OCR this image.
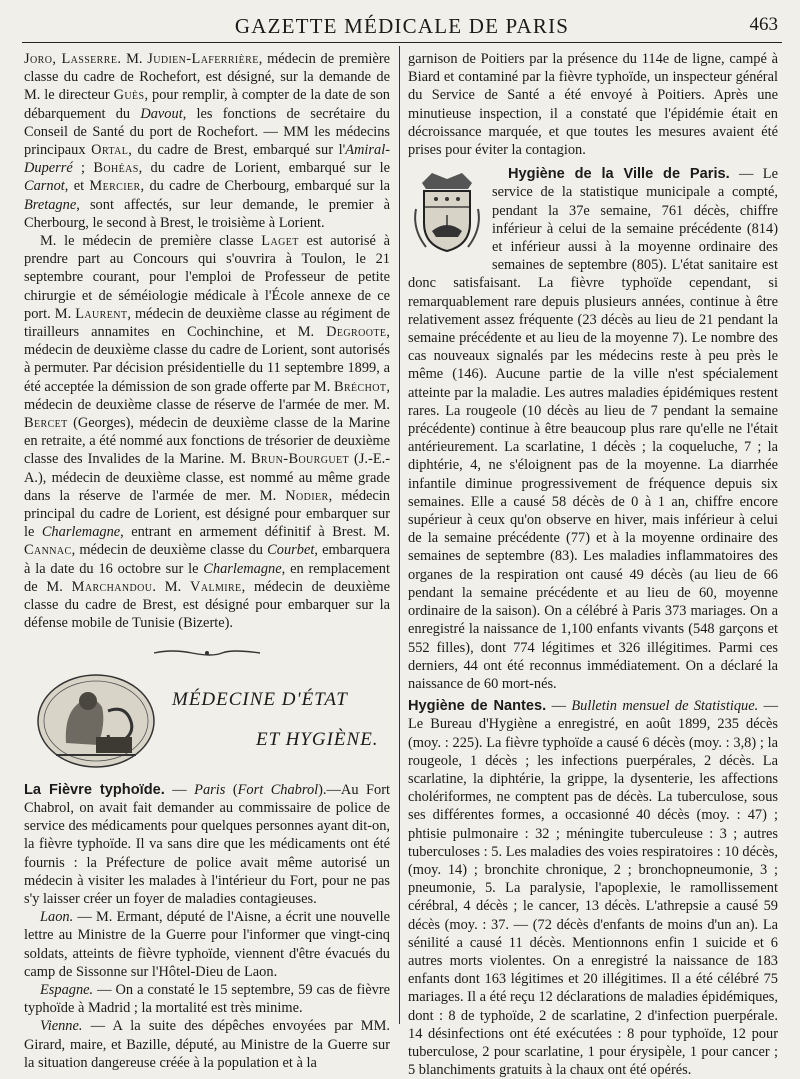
GAZETTE MÉDICALE DE PARIS	463

Joro, Lasserre. M. Judien-Laferrière, médecin de première classe du cadre de Rochefort, est désigné, sur la demande de M. le directeur Guès, pour remplir, à compter de la date de son débarquement du Davout, les fonctions de secrétaire du Conseil de Santé du port de Rochefort. — MM les médecins principaux Ortal, du cadre de Brest, embarqué sur l'Amiral-Duperré ; Bohéas, du cadre de Lorient, embarqué sur le Carnot, et Mercier, du cadre de Cherbourg, embarqué sur la Bretagne, sont affectés, sur leur demande, le premier à Cherbourg, le second à Brest, le troisième à Lorient.

M. le médecin de première classe Laget est autorisé à prendre part au Concours qui s'ouvrira à Toulon, le 21 septembre courant, pour l'emploi de Professeur de petite chirurgie et de séméiologie médicale à l'École annexe de ce port. M. Laurent, médecin de deuxième classe au régiment de tirailleurs annamites en Cochinchine, et M. Degroote, médecin de deuxième classe du cadre de Lorient, sont autorisés à permuter. Par décision présidentielle du 11 septembre 1899, a été acceptée la démission de son grade offerte par M. Bréchot, médecin de deuxième classe de réserve de l'armée de mer. M. Bercet (Georges), médecin de deuxième classe de la Marine en retraite, a été nommé aux fonctions de trésorier de deuxième classe des Invalides de la Marine. M. Brun-Bourguet (J.-E.-A.), médecin de deuxième classe, est nommé au même grade dans la réserve de l'armée de mer. M. Nodier, médecin principal du cadre de Lorient, est désigné pour embarquer sur le Charlemagne, entrant en armement définitif à Brest. M. Cannac, médecin de deuxième classe du Courbet, embarquera à la date du 16 octobre sur le Charlemagne, en remplacement de M. Marchandou. M. Valmire, médecin de deuxième classe du cadre de Brest, est désigné pour embarquer sur la défense mobile de Tunisie (Bizerte).

MÉDECINE D'ÉTAT
ET HYGIÈNE.

La Fièvre typhoïde. — Paris (Fort Chabrol).—Au Fort Chabrol, on avait fait demander au commissaire de police de service des médicaments pour quelques personnes ayant dit-on, la fièvre typhoïde. Il va sans dire que les médicaments ont été fournis : la Préfecture de police avait même autorisé un médecin à visiter les malades à l'intérieur du Fort, pour ne pas s'y laisser créer un foyer de maladies contagieuses.

Laon. — M. Ermant, député de l'Aisne, a écrit une nouvelle lettre au Ministre de la Guerre pour l'informer que vingt-cinq soldats, atteints de fièvre typhoïde, viennent d'être évacués du camp de Sissonne sur l'Hôtel-Dieu de Laon.

Espagne. — On a constaté le 15 septembre, 59 cas de fièvre typhoïde à Madrid ; la mortalité est très minime.

Vienne. — A la suite des dépêches envoyées par MM. Girard, maire, et Bazille, député, au Ministre de la Guerre sur la situation dangereuse créée à la population et à la

garnison de Poitiers par la présence du 114e de ligne, campé à Biard et contaminé par la fièvre typhoïde, un inspecteur général du Service de Santé a été envoyé à Poitiers. Après une minutieuse inspection, il a constaté que l'épidémie était en décroissance marquée, et que toutes les mesures avaient été prises pour éviter la contagion.

Hygiène de la Ville de Paris. — Le service de la statistique municipale a compté, pendant la 37e semaine, 761 décès, chiffre inférieur à celui de la semaine précédente (814) et inférieur aussi à la moyenne ordinaire des semaines de septembre (805). L'état sanitaire est donc satisfaisant. La fièvre typhoïde cependant, si remarquablement rare depuis plusieurs années, continue à être relativement assez fréquente (23 décès au lieu de 21 pendant la semaine précédente et au lieu de la moyenne 7). Le nombre des cas nouveaux signalés par les médecins reste à peu près le même (146). Aucune partie de la ville n'est spécialement atteinte par la maladie. Les autres maladies épidémiques restent rares. La rougeole (10 décès au lieu de 7 pendant la semaine précédente) continue à être beaucoup plus rare qu'elle ne l'était antérieurement. La scarlatine, 1 décès ; la coqueluche, 7 ; la diphtérie, 4, ne s'éloignent pas de la moyenne. La diarrhée infantile diminue progressivement de fréquence depuis six semaines. Elle a causé 58 décès de 0 à 1 an, chiffre encore supérieur à ceux qu'on observe en hiver, mais inférieur à celui de la semaine précédente (77) et à la moyenne ordinaire des semaines de septembre (83). Les maladies inflammatoires des organes de la respiration ont causé 49 décès (au lieu de 66 pendant la semaine précédente et au lieu de 60, moyenne ordinaire de la saison). On a célébré à Paris 373 mariages. On a enregistré la naissance de 1,100 enfants vivants (548 garçons et 552 filles), dont 774 légitimes et 326 illégitimes. Parmi ces derniers, 44 ont été reconnus immédiatement. On a déclaré la naissance de 60 mort-nés.

Hygiène de Nantes. — Bulletin mensuel de Statistique. — Le Bureau d'Hygiène a enregistré, en août 1899, 235 décès (moy. : 225). La fièvre typhoïde a causé 6 décès (moy. : 3,8) ; la rougeole, 1 décès ; les infections puerpérales, 2 décès. La scarlatine, la diphtérie, la grippe, la dysenterie, les affections cholériformes, ne comptent pas de décès. La tuberculose, sous ses différentes formes, a occasionné 40 décès (moy. : 47) ; phtisie pulmonaire : 32 ; méningite tuberculeuse : 3 ; autres tuberculoses : 5. Les maladies des voies respiratoires : 10 décès, (moy. 14) ; bronchite chronique, 2 ; bronchopneumonie, 3 ; pneumonie, 5. La paralysie, l'apoplexie, le ramollissement cérébral, 4 décès ; le cancer, 13 décès. L'athrepsie a causé 59 décès (moy. : 37. — (72 décès d'enfants de moins d'un an). La sénilité a causé 11 décès. Mentionnons enfin 1 suicide et 6 autres morts violentes. On a enregistré la naissance de 183 enfants dont 163 légitimes et 20 illégitimes. Il a été célébré 75 mariages. Il a été reçu 12 déclarations de maladies épidémiques, dont : 8 de typhoïde, 2 de scarlatine, 2 d'infection puerpérale. 14 désinfections ont été exécutées : 8 pour typhoïde, 12 pour tuberculose, 2 pour scarlatine, 1 pour érysipèle, 1 pour cancer ; 5 blanchiments gratuits à la chaux ont été opérés.
